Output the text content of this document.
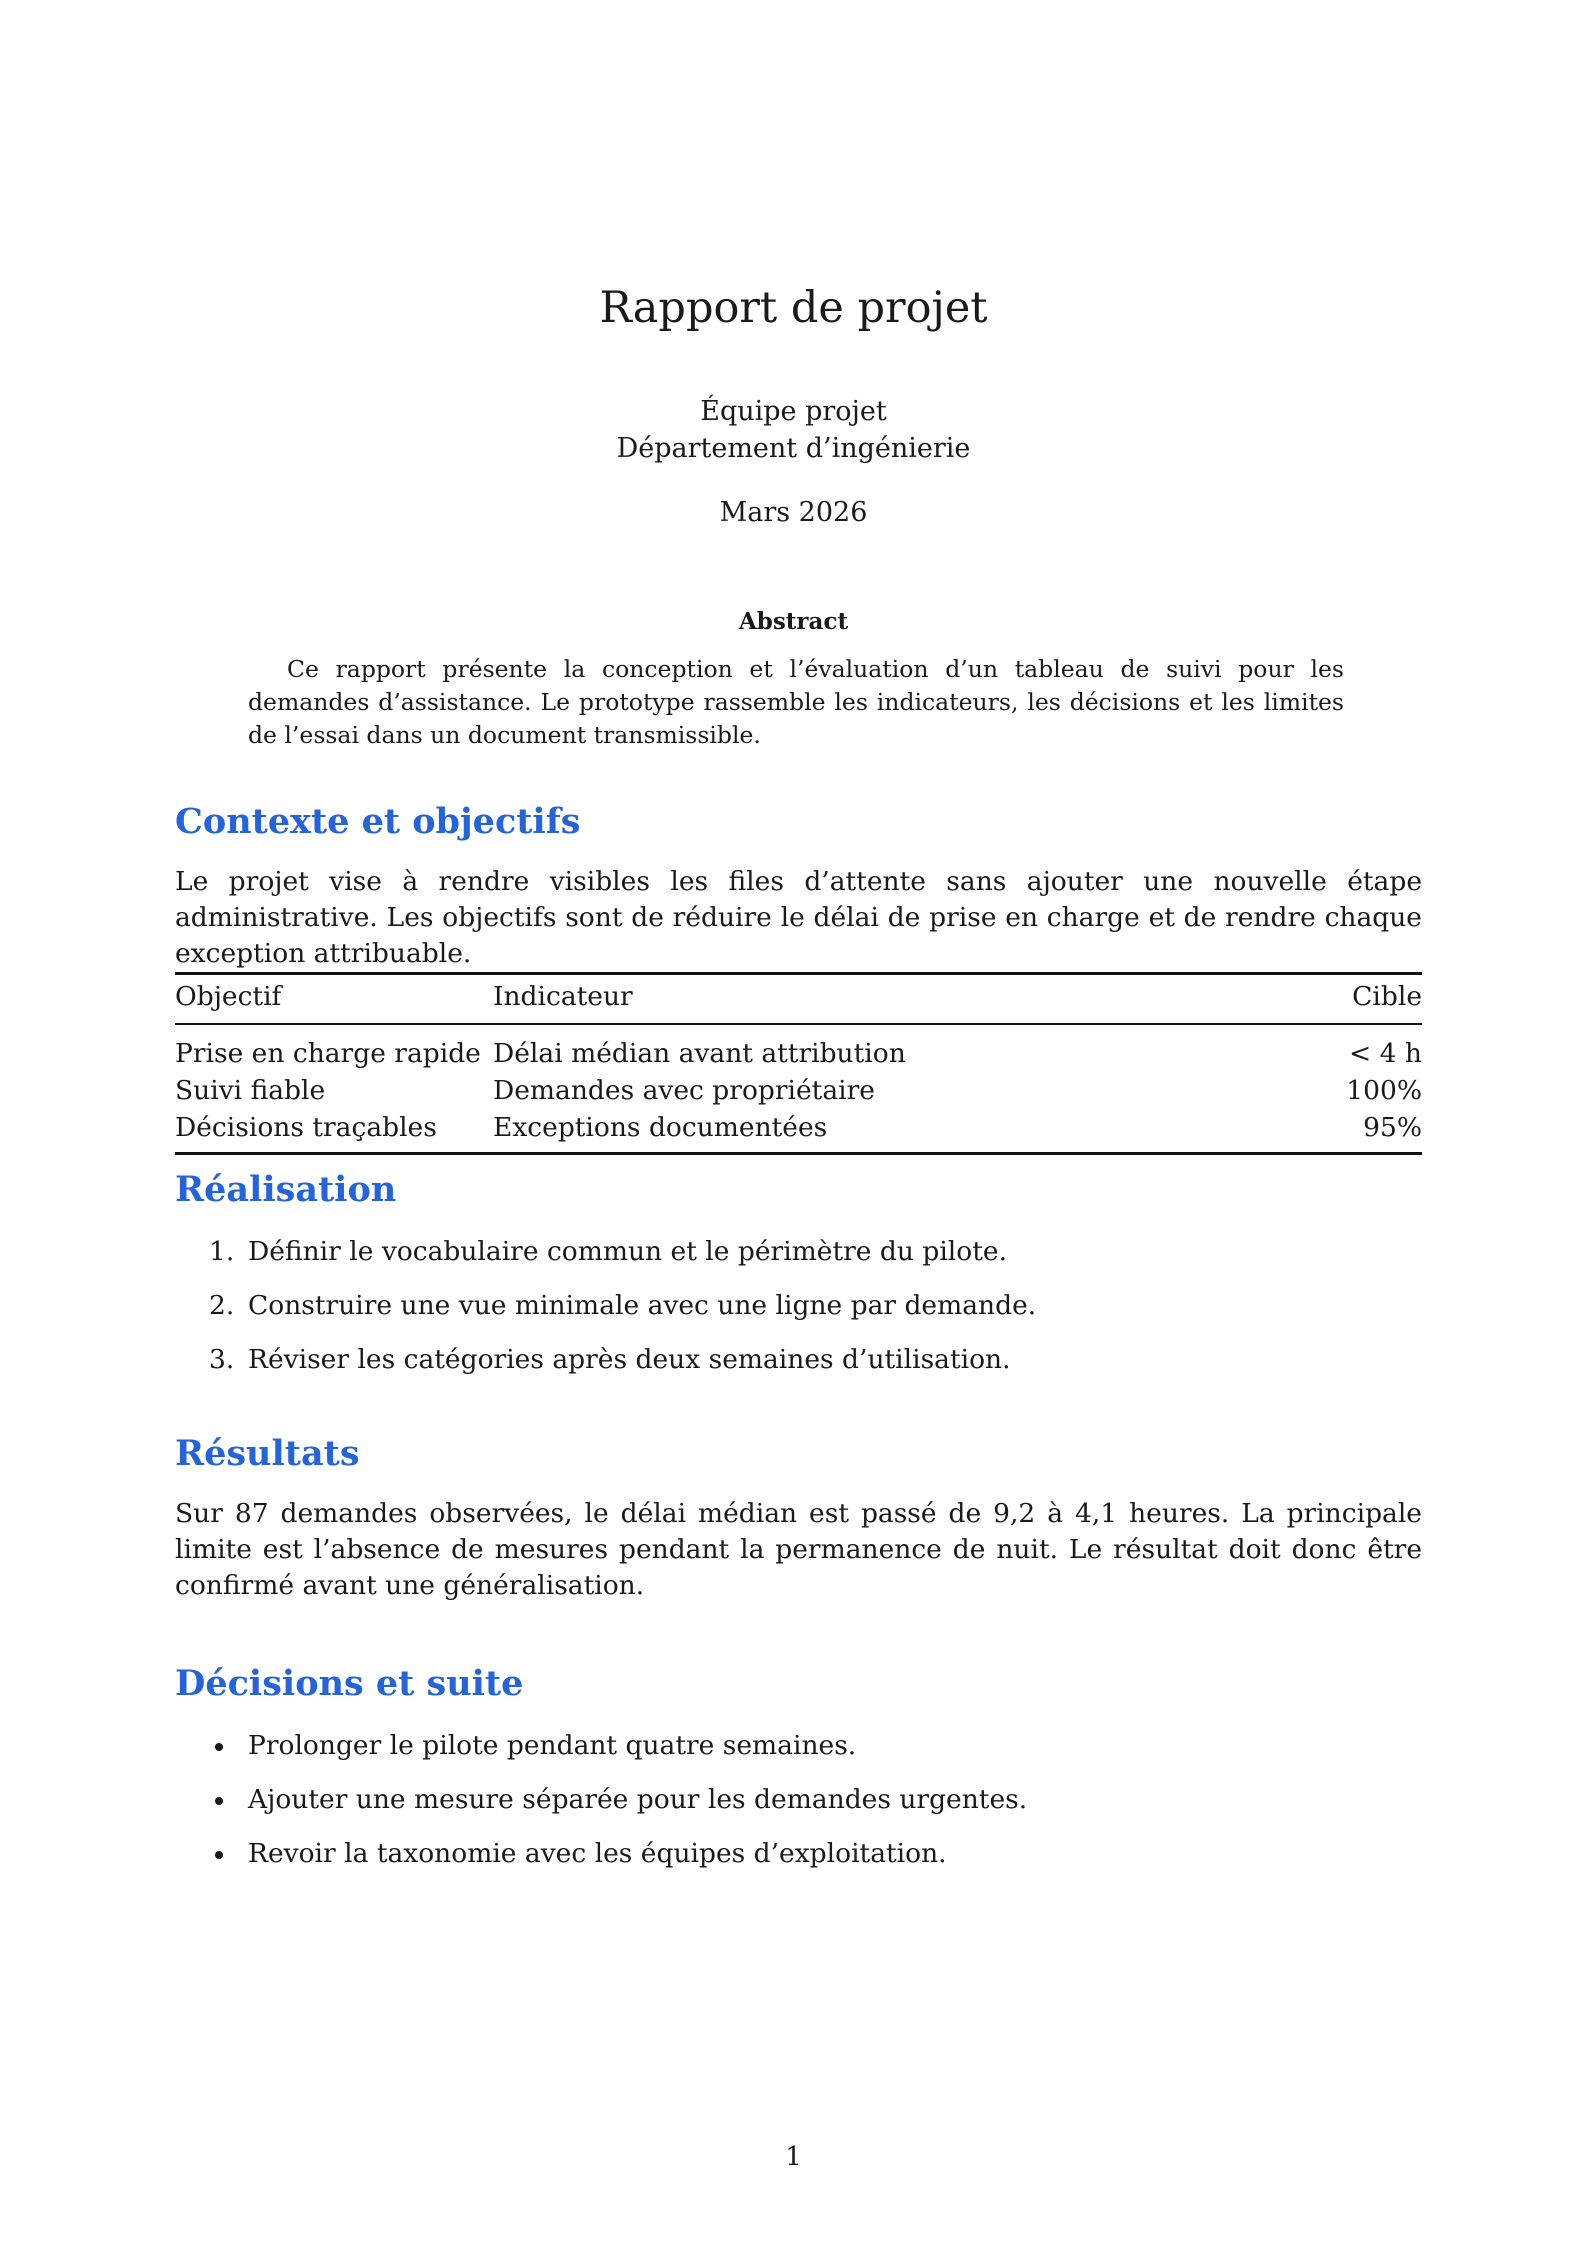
Rapport de projet
Équipe projet
Département d’ingénierie
Mars 2026
Abstract

Ce rapport présente la conception et l’évaluation d’un tableau de suivi pour les demandes d’assistance. Le prototype rassemble les indicateurs, les décisions et les limites de l’essai dans un document transmissible.

Contexte et objectifs

Le projet vise à rendre visibles les files d’attente sans ajouter une nouvelle étape administrative. Les objectifs sont de réduire le délai de prise en charge et de rendre chaque exception attribuable.

Objectif	Indicateur	Cible
Prise en charge rapide	Délai médian avant attribution	< 4 h
Suivi fiable	Demandes avec propriétaire	100%
Décisions traçables	Exceptions documentées	95%
Réalisation
1. Définir le vocabulaire commun et le périmètre du pilote.
2. Construire une vue minimale avec une ligne par demande.
3. Réviser les catégories après deux semaines d’utilisation.
Résultats

Sur 87 demandes observées, le délai médian est passé de 9,2 à 4,1 heures. La principale limite est l’absence de mesures pendant la permanence de nuit. Le résultat doit donc être confirmé avant une généralisation.

Décisions et suite
Prolonger le pilote pendant quatre semaines.
Ajouter une mesure séparée pour les demandes urgentes.
Revoir la taxonomie avec les équipes d’exploitation.
1
